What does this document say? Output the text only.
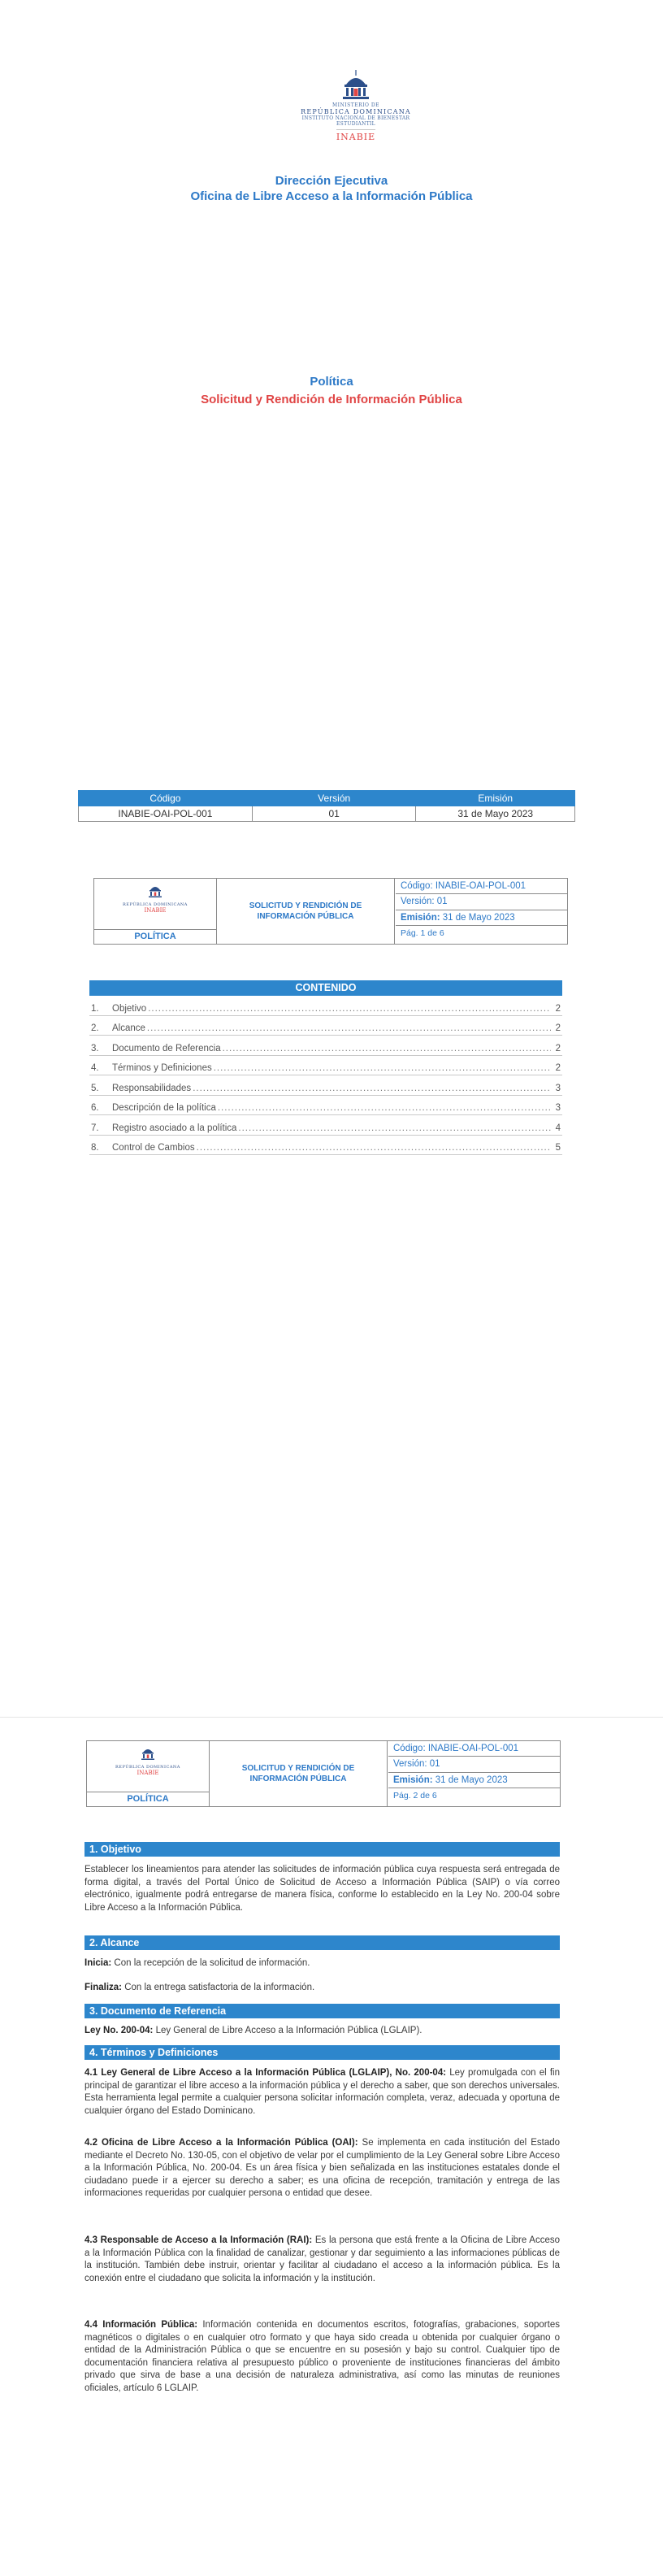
MINISTERIO DE
REPÚBLICA DOMINICANA
INSTITUTO NACIONAL DE BIENESTAR ESTUDIANTIL
INABIE
Dirección Ejecutiva
Oficina de Libre Acceso a la Información Pública
Política
Solicitud y Rendición de Información Pública
Código	Versión	Emisión
INABIE-OAI-POL-001	01	31 de Mayo 2023
REPÚBLICA DOMINICANA
INABIE
POLÍTICA
SOLICITUD Y RENDICIÓN DE INFORMACIÓN PÚBLICA
Código: INABIE-OAI-POL-001
Versión: 01
Emisión: 31 de Mayo 2023
Pág. 1 de 6
CONTENIDO
1.	Objetivo .....	2
2.	Alcance .....	2
3.	Documento de Referencia .....	2
4.	Términos y Definiciones .....	2
5.	Responsabilidades .....	3
6.	Descripción de la política .....	3
7.	Registro asociado a la política .....	4
8.	Control de Cambios .....	5
REPÚBLICA DOMINICANA
INABIE
POLÍTICA
SOLICITUD Y RENDICIÓN DE INFORMACIÓN PÚBLICA
Código: INABIE-OAI-POL-001
Versión: 01
Emisión: 31 de Mayo 2023
Pág. 2 de 6
1. Objetivo
Establecer los lineamientos para atender las solicitudes de información pública cuya respuesta será entregada de forma digital, a través del Portal Único de Solicitud de Acceso a Información Pública (SAIP) o vía correo electrónico, igualmente podrá entregarse de manera física, conforme lo establecido en la Ley No. 200-04 sobre Libre Acceso a la Información Pública.
2. Alcance
Inicia: Con la recepción de la solicitud de información.
Finaliza: Con la entrega satisfactoria de la información.
3. Documento de Referencia
Ley No. 200-04: Ley General de Libre Acceso a la Información Pública (LGLAIP).
4. Términos y Definiciones
4.1 Ley General de Libre Acceso a la Información Pública (LGLAIP), No. 200-04: Ley promulgada con el fin principal de garantizar el libre acceso a la información pública y el derecho a saber, que son derechos universales. Esta herramienta legal permite a cualquier persona solicitar información completa, veraz, adecuada y oportuna de cualquier órgano del Estado Dominicano.
4.2 Oficina de Libre Acceso a la Información Pública (OAI): Se implementa en cada institución del Estado mediante el Decreto No. 130-05, con el objetivo de velar por el cumplimiento de la Ley General sobre Libre Acceso a la Información Pública, No. 200-04. Es un área física y bien señalizada en las instituciones estatales donde el ciudadano puede ir a ejercer su derecho a saber; es una oficina de recepción, tramitación y entrega de las informaciones requeridas por cualquier persona o entidad que desee.
4.3 Responsable de Acceso a la Información (RAI): Es la persona que está frente a la Oficina de Libre Acceso a la Información Pública con la finalidad de canalizar, gestionar y dar seguimiento a las informaciones públicas de la institución. También debe instruir, orientar y facilitar al ciudadano el acceso a la información pública. Es la conexión entre el ciudadano que solicita la información y la institución.
4.4 Información Pública: Información contenida en documentos escritos, fotografías, grabaciones, soportes magnéticos o digitales o en cualquier otro formato y que haya sido creada u obtenida por cualquier órgano o entidad de la Administración Pública o que se encuentre en su posesión y bajo su control. Cualquier tipo de documentación financiera relativa al presupuesto público o proveniente de instituciones financieras del ámbito privado que sirva de base a una decisión de naturaleza administrativa, así como las minutas de reuniones oficiales, artículo 6 LGLAIP.
